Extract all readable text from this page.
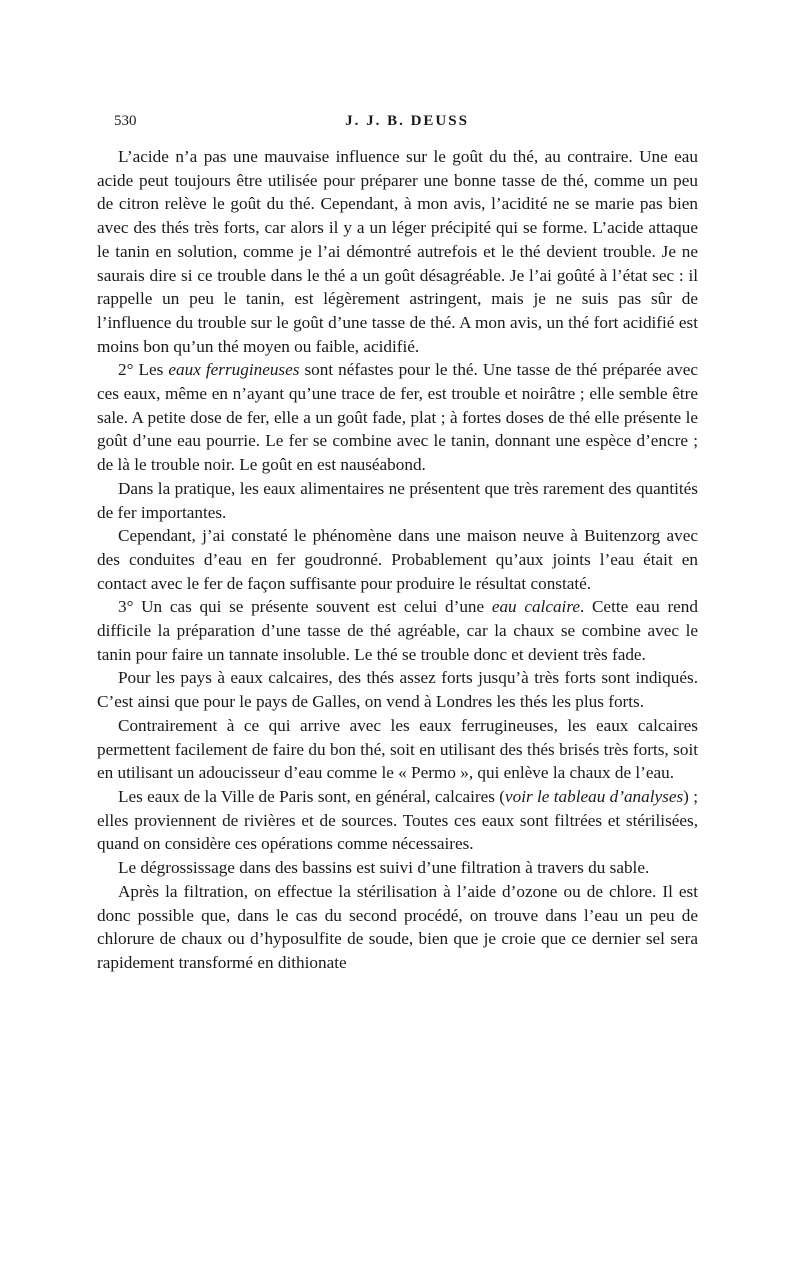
530	J. J. B. DEUSS

L’acide n’a pas une mauvaise influence sur le goût du thé, au contraire. Une eau acide peut toujours être utilisée pour préparer une bonne tasse de thé, comme un peu de citron relève le goût du thé. Cependant, à mon avis, l’acidité ne se marie pas bien avec des thés très forts, car alors il y a un léger précipité qui se forme. L’acide attaque le tanin en solution, comme je l’ai démontré autrefois et le thé devient trouble. Je ne saurais dire si ce trouble dans le thé a un goût désagréable. Je l’ai goûté à l’état sec : il rappelle un peu le tanin, est légèrement astringent, mais je ne suis pas sûr de l’influence du trouble sur le goût d’une tasse de thé. A mon avis, un thé fort acidifié est moins bon qu’un thé moyen ou faible, acidifié.

2° Les eaux ferrugineuses sont néfastes pour le thé. Une tasse de thé préparée avec ces eaux, même en n’ayant qu’une trace de fer, est trouble et noirâtre ; elle semble être sale. A petite dose de fer, elle a un goût fade, plat ; à fortes doses de thé elle présente le goût d’une eau pourrie. Le fer se combine avec le tanin, donnant une espèce d’encre ; de là le trouble noir. Le goût en est nauséabond.

Dans la pratique, les eaux alimentaires ne présentent que très rarement des quantités de fer importantes.

Cependant, j’ai constaté le phénomène dans une maison neuve à Buitenzorg avec des conduites d’eau en fer goudronné. Probablement qu’aux joints l’eau était en contact avec le fer de façon suffisante pour produire le résultat constaté.

3° Un cas qui se présente souvent est celui d’une eau calcaire. Cette eau rend difficile la préparation d’une tasse de thé agréable, car la chaux se combine avec le tanin pour faire un tannate insoluble. Le thé se trouble donc et devient très fade.

Pour les pays à eaux calcaires, des thés assez forts jusqu’à très forts sont indiqués. C’est ainsi que pour le pays de Galles, on vend à Londres les thés les plus forts.

Contrairement à ce qui arrive avec les eaux ferrugineuses, les eaux calcaires permettent facilement de faire du bon thé, soit en utilisant des thés brisés très forts, soit en utilisant un adoucisseur d’eau comme le « Permo », qui enlève la chaux de l’eau.

Les eaux de la Ville de Paris sont, en général, calcaires (voir le tableau d’analyses) ; elles proviennent de rivières et de sources. Toutes ces eaux sont filtrées et stérilisées, quand on considère ces opérations comme nécessaires.

Le dégrossissage dans des bassins est suivi d’une filtration à travers du sable.

Après la filtration, on effectue la stérilisation à l’aide d’ozone ou de chlore. Il est donc possible que, dans le cas du second procédé, on trouve dans l’eau un peu de chlorure de chaux ou d’hyposulfite de soude, bien que je croie que ce dernier sel sera rapidement transformé en dithionate
